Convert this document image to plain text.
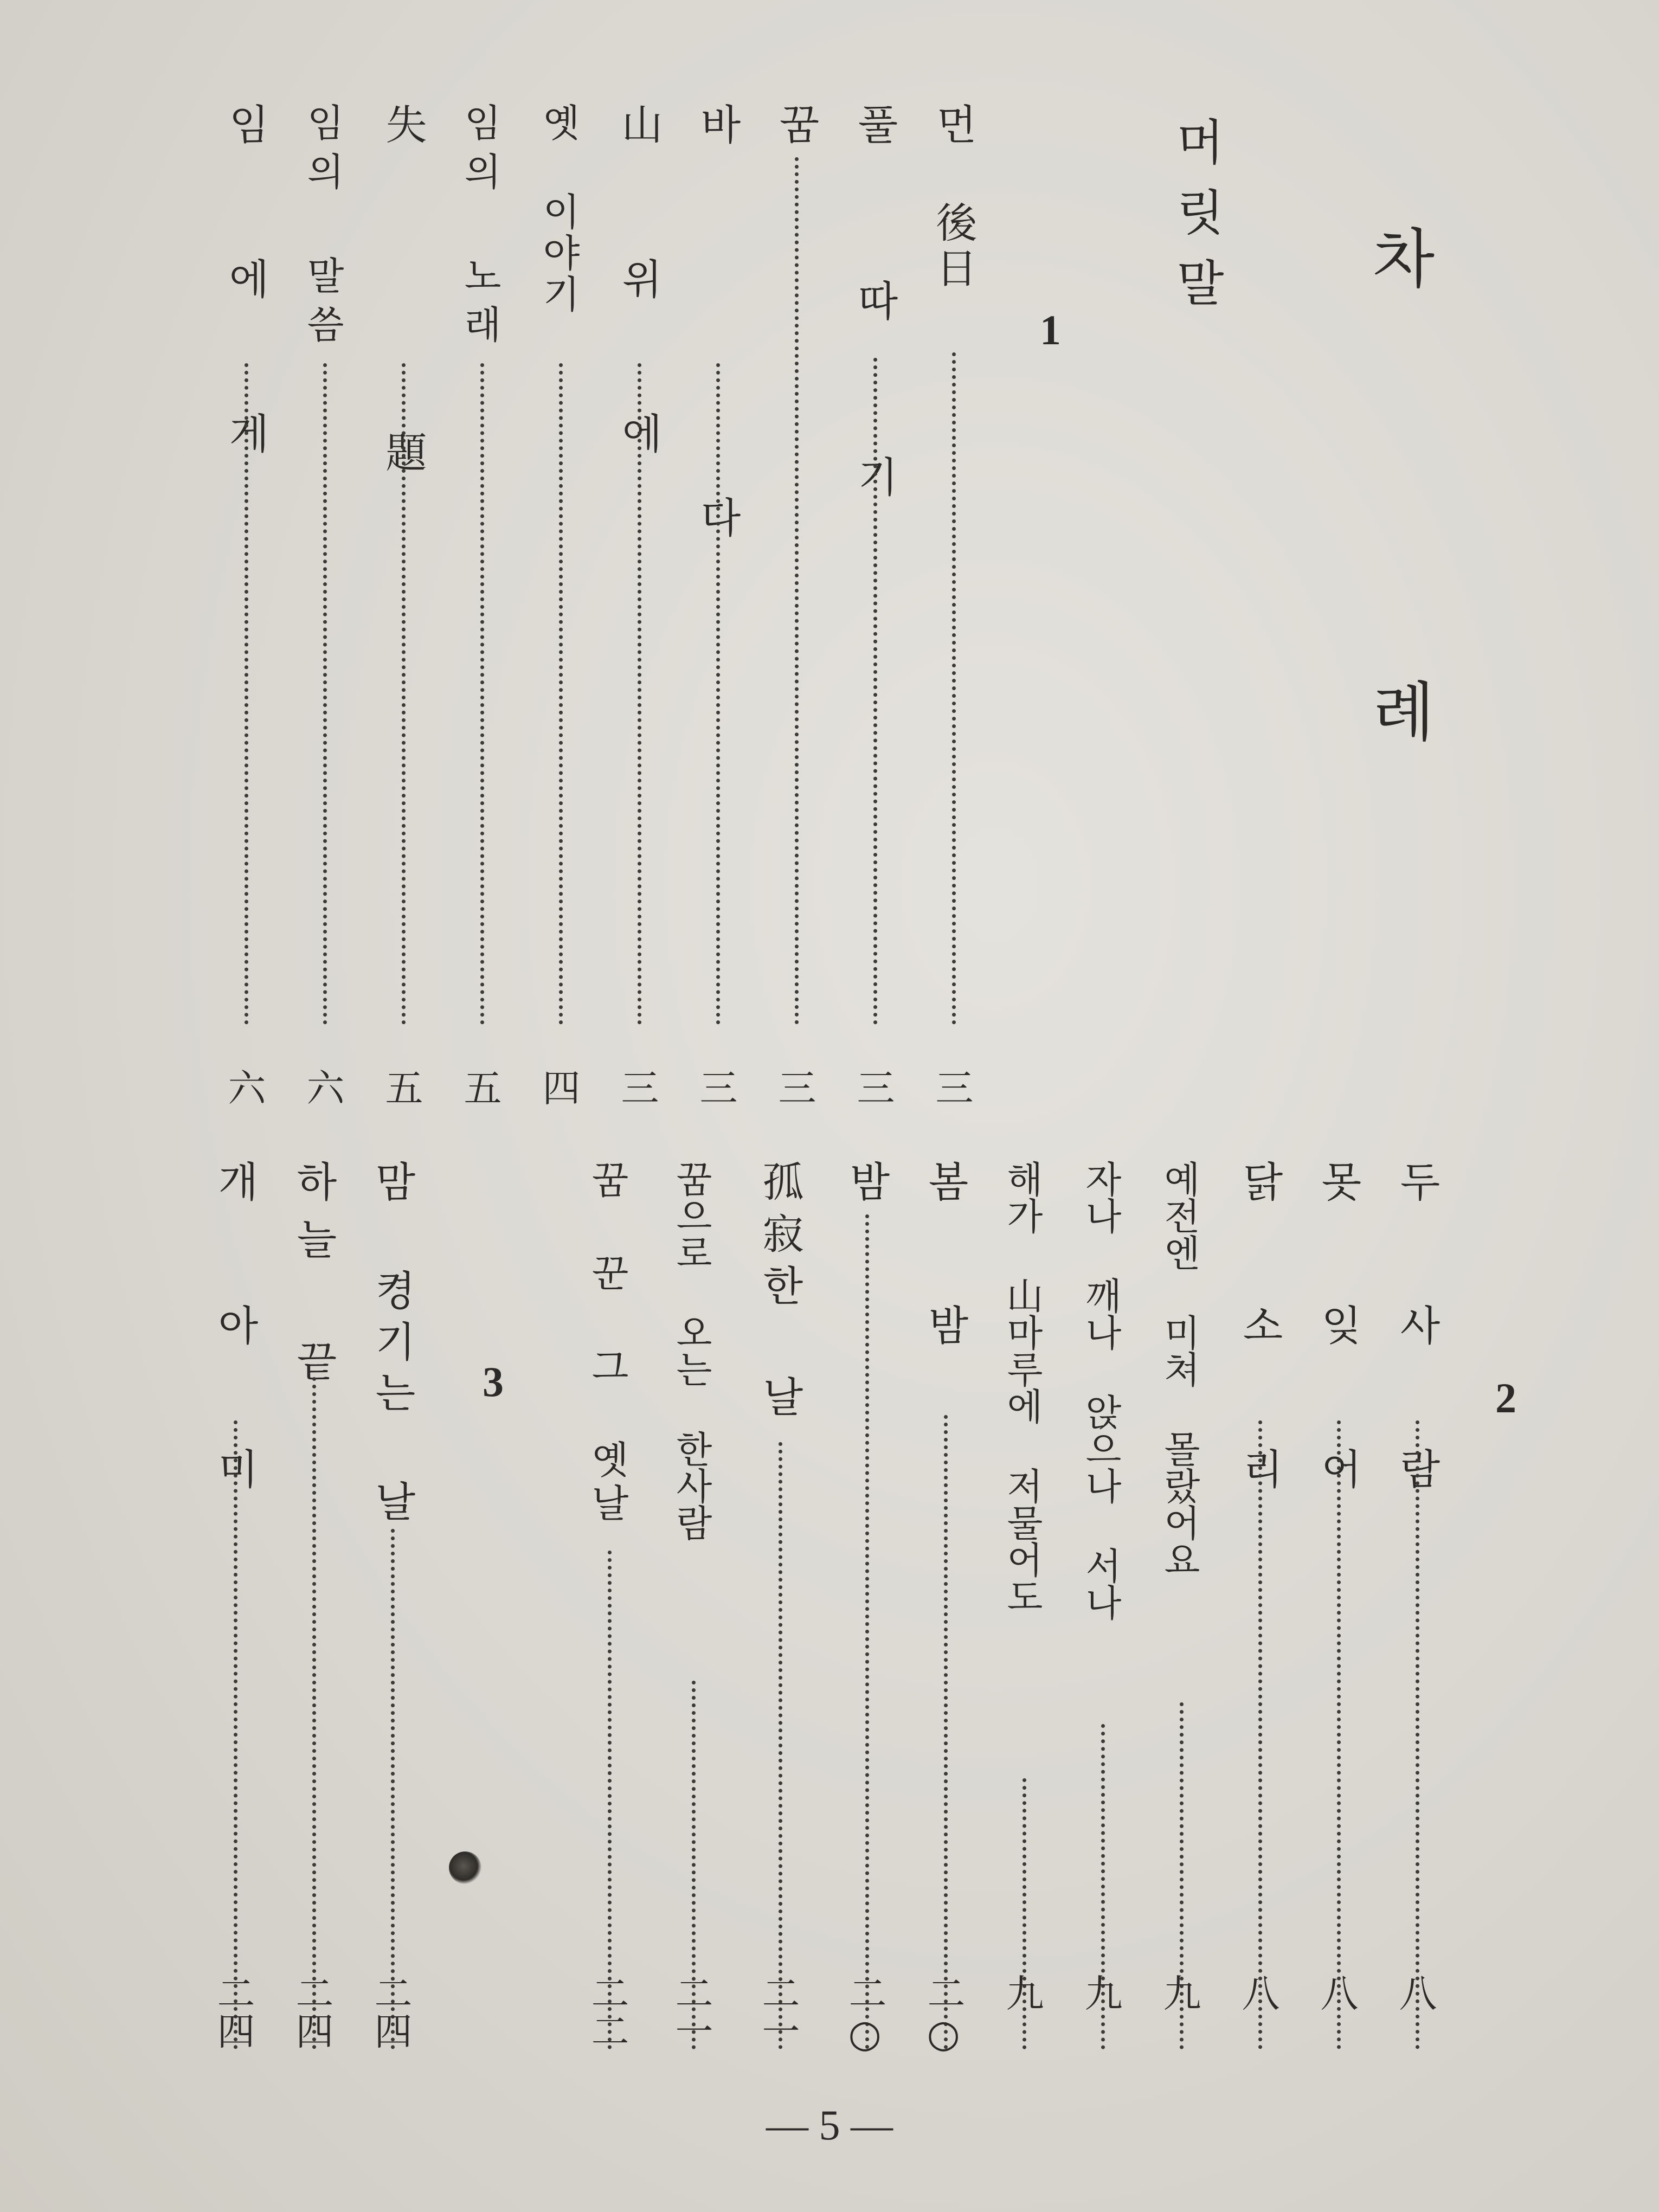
차 례
머릿말
1
2
3
먼 後日
三
풀 따 기
三
꿈
三
바 다
三
山 위 에
三
옛 이야기
四
임의 노래
五
失 題
五
임의 말씀
六
임 에 게
六
두 사 람
八
못 잊 어
八
닭 소 리
八
예전엔 미쳐 몰랐어요
九
자나 깨나 앉으나 서나
九
해가 山마루에 저물어도
九
봄 밤
二○
밤
二○
孤寂한 날
二一
꿈으로 오는 한사람
二一
꿈 꾼 그 옛날
二二
맘 켱기는 날
二四
하늘 끝
二四
개 아 미
二四
— 5 —
